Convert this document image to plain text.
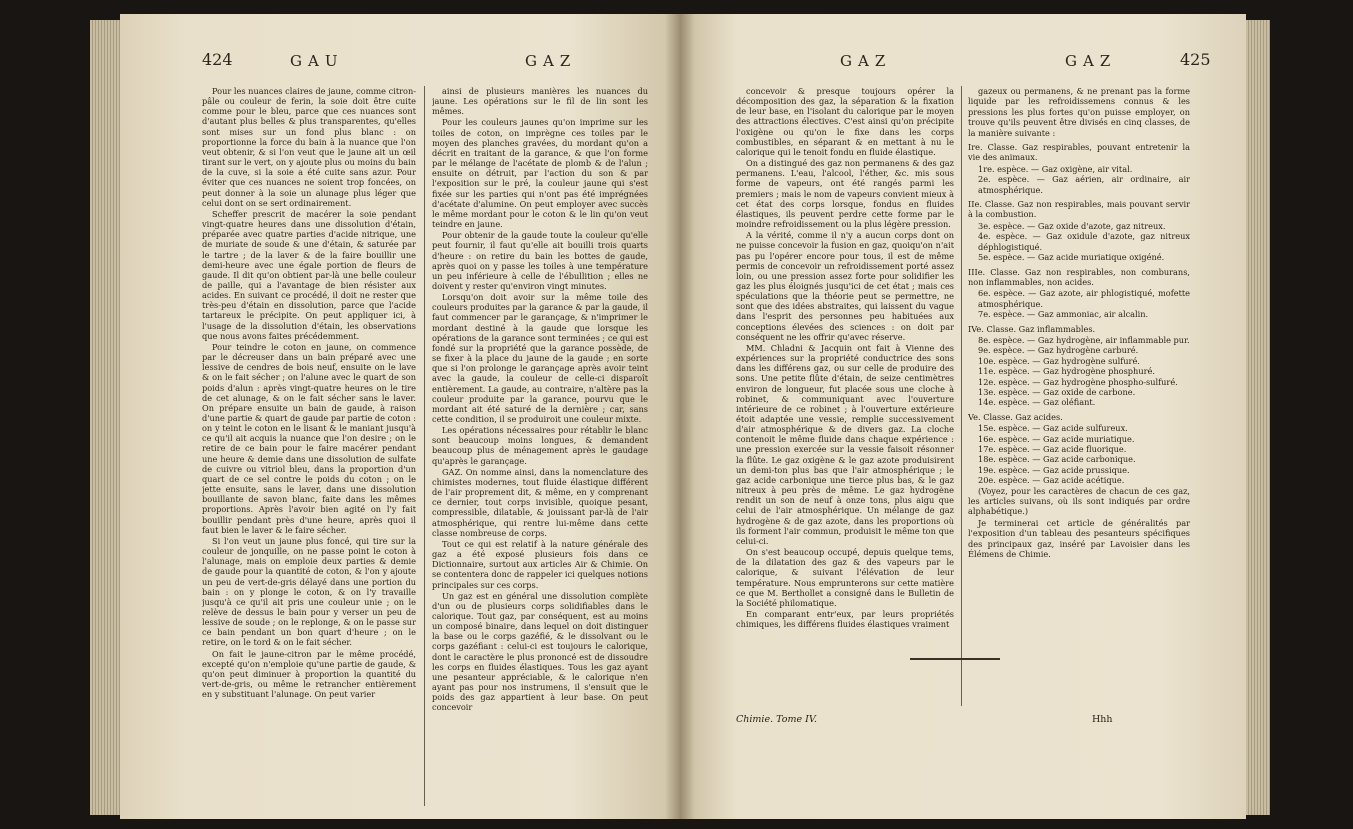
424	GAU	GAZ

Pour les nuances claires de jaune, comme citron-pâle ou couleur de ferin, la soie doit être cuite comme pour le bleu, parce que ces nuances sont d'autant plus belles & plus transparentes, qu'elles sont mises sur un fond plus blanc : on proportionne la force du bain à la nuance que l'on veut obtenir, & si l'on veut que le jaune ait un œil tirant sur le vert, on y ajoute plus ou moins du bain de la cuve, si la soie a été cuite sans azur. Pour éviter que ces nuances ne soient trop foncées, on peut donner à la soie un alunage plus léger que celui dont on se sert ordinairement.

Scheffer prescrit de macérer la soie pendant vingt-quatre heures dans une dissolution d'étain, préparée avec quatre parties d'acide nitrique, une de muriate de soude & une d'étain, & saturée par le tartre ; de la laver & de la faire bouillir une demi-heure avec une égale portion de fleurs de gaude. Il dit qu'on obtient par-là une belle couleur de paille, qui a l'avantage de bien résister aux acides. En suivant ce procédé, il doit ne rester que très-peu d'étain en dissolution, parce que l'acide tartareux le précipite. On peut appliquer ici, à l'usage de la dissolution d'étain, les observations que nous avons faites précédemment.

Pour teindre le coton en jaune, on commence par le décreuser dans un bain préparé avec une lessive de cendres de bois neuf, ensuite on le lave & on le fait sécher ; on l'alune avec le quart de son poids d'alun : après vingt-quatre heures on le tire de cet alunage, & on le fait sécher sans le laver. On prépare ensuite un bain de gaude, à raison d'une partie & quart de gaude par partie de coton : on y teint le coton en le lisant & le maniant jusqu'à ce qu'il ait acquis la nuance que l'on desire ; on le retire de ce bain pour le faire macérer pendant une heure & demie dans une dissolution de sulfate de cuivre ou vitriol bleu, dans la proportion d'un quart de ce sel contre le poids du coton ; on le jette ensuite, sans le laver, dans une dissolution bouillante de savon blanc, faite dans les mêmes proportions. Après l'avoir bien agité on l'y fait bouillir pendant près d'une heure, après quoi il faut bien le laver & le faire sécher.

Si l'on veut un jaune plus foncé, qui tire sur la couleur de jonquille, on ne passe point le coton à l'alunage, mais on emploie deux parties & demie de gaude pour la quantité de coton, & l'on y ajoute un peu de vert-de-gris délayé dans une portion du bain : on y plonge le coton, & on l'y travaille jusqu'à ce qu'il ait pris une couleur unie ; on le relève de dessus le bain pour y verser un peu de lessive de soude ; on le replonge, & on le passe sur ce bain pendant un bon quart d'heure ; on le retire, on le tord & on le fait sécher.

On fait le jaune-citron par le même procédé, excepté qu'on n'emploie qu'une partie de gaude, & qu'on peut diminuer à proportion la quantité du vert-de-gris, ou même le retrancher entièrement en y substituant l'alunage. On peut varier

ainsi de plusieurs manières les nuances du jaune. Les opérations sur le fil de lin sont les mêmes.

Pour les couleurs jaunes qu'on imprime sur les toiles de coton, on imprègne ces toiles par le moyen des planches gravées, du mordant qu'on a décrit en traitant de la garance, & que l'on forme par le mélange de l'acétate de plomb & de l'alun ; ensuite on détruit, par l'action du son & par l'exposition sur le pré, la couleur jaune qui s'est fixée sur les parties qui n'ont pas été imprégnées d'acétate d'alumine. On peut employer avec succès le même mordant pour le coton & le lin qu'on veut teindre en jaune.

Pour obtenir de la gaude toute la couleur qu'elle peut fournir, il faut qu'elle ait bouilli trois quarts d'heure : on retire du bain les bottes de gaude, après quoi on y passe les toiles à une température un peu inférieure à celle de l'ébullition ; elles ne doivent y rester qu'environ vingt minutes.

Lorsqu'on doit avoir sur la même toile des couleurs produites par la garance & par la gaude, il faut commencer par le garançage, & n'imprimer le mordant destiné à la gaude que lorsque les opérations de la garance sont terminées ; ce qui est fondé sur la propriété que la garance possède, de se fixer à la place du jaune de la gaude ; en sorte que si l'on prolonge le garançage après avoir teint avec la gaude, la couleur de celle-ci disparoît entièrement. La gaude, au contraire, n'altère pas la couleur produite par la garance, pourvu que le mordant ait été saturé de la dernière ; car, sans cette condition, il se produiroit une couleur mixte.

Les opérations nécessaires pour rétablir le blanc sont beaucoup moins longues, & demandent beaucoup plus de ménagement après le gaudage qu'après le garançage.

GAZ. On nomme ainsi, dans la nomenclature des chimistes modernes, tout fluide élastique différent de l'air proprement dit, & même, en y comprenant ce dernier, tout corps invisible, quoique pesant, compressible, dilatable, & jouissant par-là de l'air atmosphérique, qui rentre lui-même dans cette classe nombreuse de corps.

Tout ce qui est relatif à la nature générale des gaz a été exposé plusieurs fois dans ce Dictionnaire, surtout aux articles Air & Chimie. On se contentera donc de rappeler ici quelques notions principales sur ces corps.

Un gaz est en général une dissolution complète d'un ou de plusieurs corps solidifiables dans le calorique. Tout gaz, par conséquent, est au moins un composé binaire, dans lequel on doit distinguer la base ou le corps gazéfié, & le dissolvant ou le corps gazéfiant : celui-ci est toujours le calorique, dont le caractère le plus prononcé est de dissoudre les corps en fluides élastiques. Tous les gaz ayant une pesanteur appréciable, & le calorique n'en ayant pas pour nos instrumens, il s'ensuit que le poids des gaz appartient à leur base. On peut concevoir

GAZ	GAZ	425

concevoir & presque toujours opérer la décomposition des gaz, la séparation & la fixation de leur base, en l'isolant du calorique par le moyen des attractions électives. C'est ainsi qu'on précipite l'oxigène ou qu'on le fixe dans les corps combustibles, en séparant & en mettant à nu le calorique qui le tenoit fondu en fluide élastique.

On a distingué des gaz non permanens & des gaz permanens. L'eau, l'alcool, l'éther, &c. mis sous forme de vapeurs, ont été rangés parmi les premiers ; mais le nom de vapeurs convient mieux à cet état des corps lorsque, fondus en fluides élastiques, ils peuvent perdre cette forme par le moindre refroidissement ou la plus légère pression.

A la vérité, comme il n'y a aucun corps dont on ne puisse concevoir la fusion en gaz, quoiqu'on n'ait pas pu l'opérer encore pour tous, il est de même permis de concevoir un refroidissement porté assez loin, ou une pression assez forte pour solidifier les gaz les plus éloignés jusqu'ici de cet état ; mais ces spéculations que la théorie peut se permettre, ne sont que des idées abstraites, qui laissent du vague dans l'esprit des personnes peu habituées aux conceptions élevées des sciences : on doit par conséquent ne les offrir qu'avec réserve.

MM. Chladni & Jacquin ont fait à Vienne des expériences sur la propriété conductrice des sons dans les différens gaz, ou sur celle de produire des sons. Une petite flûte d'étain, de seize centimètres environ de longueur, fut placée sous une cloche à robinet, & communiquant avec l'ouverture intérieure de ce robinet ; à l'ouverture extérieure étoit adaptée une vessie, remplie successivement d'air atmosphérique & de divers gaz. La cloche contenoit le même fluide dans chaque expérience : une pression exercée sur la vessie faisoit résonner la flûte. Le gaz oxigène & le gaz azote produisirent un demi-ton plus bas que l'air atmosphérique ; le gaz acide carbonique une tierce plus bas, & le gaz nitreux à peu près de même. Le gaz hydrogène rendit un son de neuf à onze tons, plus aigu que celui de l'air atmosphérique. Un mélange de gaz hydrogène & de gaz azote, dans les proportions où ils forment l'air commun, produisit le même ton que celui-ci.

On s'est beaucoup occupé, depuis quelque tems, de la dilatation des gaz & des vapeurs par le calorique, & suivant l'élévation de leur température. Nous emprunterons sur cette matière ce que M. Berthollet a consigné dans le Bulletin de la Société philomatique.

En comparant entr'eux, par leurs propriétés chimiques, les différens fluides élastiques vraiment

gazeux ou permanens, & ne prenant pas la forme liquide par les refroidissemens connus & les pressions les plus fortes qu'on puisse employer, on trouve qu'ils peuvent être divisés en cinq classes, de la manière suivante :

Ire. Classe. Gaz respirables, pouvant entretenir la vie des animaux.

1re. espèce. — Gaz oxigène, air vital.

2e. espèce. — Gaz aérien, air ordinaire, air atmosphérique.

IIe. Classe. Gaz non respirables, mais pouvant servir à la combustion.

3e. espèce. — Gaz oxide d'azote, gaz nitreux.

4e. espèce. — Gaz oxidule d'azote, gaz nitreux déphlogistiqué.

5e. espèce. — Gaz acide muriatique oxigéné.

IIIe. Classe. Gaz non respirables, non comburans, non inflammables, non acides.

6e. espèce. — Gaz azote, air phlogistiqué, mofette atmosphérique.

7e. espèce. — Gaz ammoniac, air alcalin.

IVe. Classe. Gaz inflammables.

8e. espèce. — Gaz hydrogène, air inflammable pur.

9e. espèce. — Gaz hydrogène carburé.

10e. espèce. — Gaz hydrogène sulfuré.

11e. espèce. — Gaz hydrogène phosphuré.

12e. espèce. — Gaz hydrogène phospho-sulfuré.

13e. espèce. — Gaz oxide de carbone.

14e. espèce. — Gaz oléfiant.

Ve. Classe. Gaz acides.

15e. espèce. — Gaz acide sulfureux.

16e. espèce. — Gaz acide muriatique.

17e. espèce. — Gaz acide fluorique.

18e. espèce. — Gaz acide carbonique.

19e. espèce. — Gaz acide prussique.

20e. espèce. — Gaz acide acétique.

(Voyez, pour les caractères de chacun de ces gaz, les articles suivans, où ils sont indiqués par ordre alphabétique.)

Je terminerai cet article de généralités par l'exposition d'un tableau des pesanteurs spécifiques des principaux gaz, inséré par Lavoisier dans les Élémens de Chimie.

Chimie. Tome IV.	Hhh
